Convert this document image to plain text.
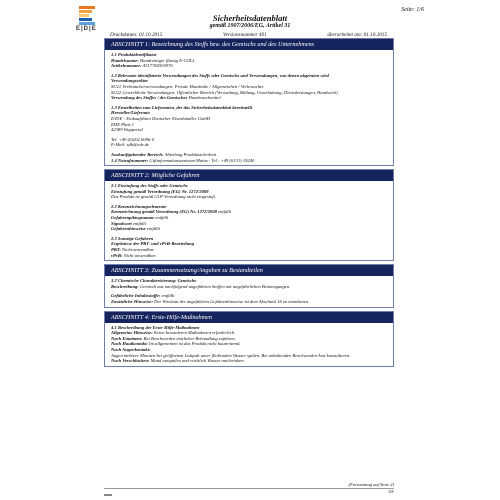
E|D|E
Seite: 1/6
Sicherheitsdatenblatt
gemäß 1907/2006/EG, Artikel 31
Druckdatum: 01.10.2015	Versionsnummer 401	überarbeitet am: 01.10.2015
ABSCHNITT 1: Bezeichnung des Stoffs bzw. des Gemischs und des Unternehmens
1.1 Produktidentifikator
Handelsname: Handreiniger flüssig E-COLL
Artikelnummer: 4317784305976
1.2 Relevante identifizierte Verwendungen des Stoffs oder Gemischs und Verwendungen, von denen abgeraten wird
Verwendungssektor
SU21 Verbraucherverwendungen: Private Haushalte / Allgemeinheit / Verbraucher
SU22 Gewerbliche Verwendungen: Öffentlicher Bereich (Verwaltung, Bildung, Unterhaltung, Dienstleistungen, Handwerk)
Verwendung des Stoffes / des Gemisches Handwaschmittel
1.3 Einzelheiten zum Lieferanten, der das Sicherheitsdatenblatt bereitstellt
Hersteller/Lieferant:
E/D/E - Einkaufsbüro Deutscher Eisenhändler GmbH
EDE Platz 1
42389 Wuppertal
Tel. +49 (0)202 6096-0
E-Mail: sdb@ede.de
Auskunftgebender Bereich: Abteilung Produktsicherheit
1.4 Notrufnummer: Giftinformationszentrum Mainz - Tel.: +49 (6131) 19240
ABSCHNITT 2: Mögliche Gefahren
2.1 Einstufung des Stoffs oder Gemischs
Einstufung gemäß Verordnung (EG) Nr. 1272/2008
Das Produkt ist gemäß CLP-Verordnung nicht eingestuft.
2.2 Kennzeichnungselemente
Kennzeichnung gemäß Verordnung (EG) Nr. 1272/2008 entfällt
Gefahrenpiktogramme entfällt
Signalwort entfällt
Gefahrenhinweise entfällt
2.3 Sonstige Gefahren
Ergebnisse der PBT- und vPvB-Beurteilung
PBT: Nicht anwendbar.
vPvB: Nicht anwendbar.
ABSCHNITT 3: Zusammensetzung/Angaben zu Bestandteilen
3.2 Chemische Charakterisierung: Gemische
Beschreibung: Gemisch aus nachfolgend angeführten Stoffen mit ungefährlichen Beimengungen.
Gefährliche Inhaltsstoffe: entfällt
Zusätzliche Hinweise: Der Wortlaut der angeführten Gefahrenhinweise ist dem Abschnitt 16 zu entnehmen.
ABSCHNITT 4: Erste-Hilfe-Maßnahmen
4.1 Beschreibung der Erste-Hilfe-Maßnahmen
Allgemeine Hinweise: Keine besonderen Maßnahmen erforderlich.
Nach Einatmen: Bei Beschwerden ärztlicher Behandlung zuführen.
Nach Hautkontakt: Im allgemeinen ist das Produkt nicht hautreizend.
Nach Augenkontakt:
Augen mehrere Minuten bei geöffnetem Lidspalt unter fließendem Wasser spülen. Bei anhaltenden Beschwerden Arzt konsultieren.
Nach Verschlucken: Mund ausspülen und reichlich Wasser nachtrinken.
(Fortsetzung auf Seite 2)
DE
